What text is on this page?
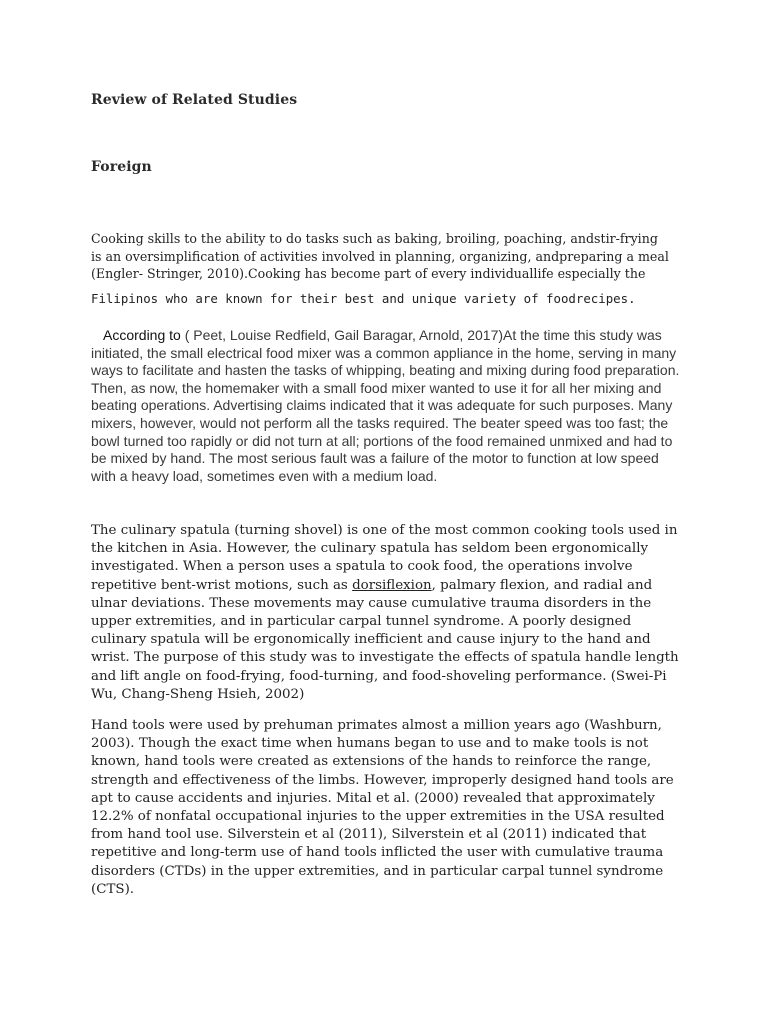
Review of Related Studies
Foreign

Cooking skills to the ability to do tasks such as baking, broiling, poaching, andstir-frying is an oversimplification of activities involved in planning, organizing, andpreparing a meal (Engler- Stringer, 2010).Cooking has become part of every individuallife especially the
Filipinos who are known for their best and unique variety of foodrecipes.

According to ( Peet, Louise Redfield, Gail Baragar, Arnold, 2017)At the time this study was initiated, the small electrical food mixer was a common appliance in the home, serving in many ways to facilitate and hasten the tasks of whipping, beating and mixing during food preparation. Then, as now, the homemaker with a small food mixer wanted to use it for all her mixing and beating operations. Advertising claims indicated that it was adequate for such purposes. Many mixers, however, would not perform all the tasks required. The beater speed was too fast; the bowl turned too rapidly or did not turn at all; portions of the food remained unmixed and had to be mixed by hand. The most serious fault was a failure of the motor to function at low speed with a heavy load, sometimes even with a medium load.

The culinary spatula (turning shovel) is one of the most common cooking tools used in the kitchen in Asia. However, the culinary spatula has seldom been ergonomically investigated. When a person uses a spatula to cook food, the operations involve repetitive bent-wrist motions, such as dorsiflexion, palmary flexion, and radial and ulnar deviations. These movements may cause cumulative trauma disorders in the upper extremities, and in particular carpal tunnel syndrome. A poorly designed culinary spatula will be ergonomically inefficient and cause injury to the hand and wrist. The purpose of this study was to investigate the effects of spatula handle length and lift angle on food-frying, food-turning, and food-shoveling performance. (Swei-Pi Wu, Chang-Sheng Hsieh, 2002)

Hand tools were used by prehuman primates almost a million years ago (Washburn, 2003). Though the exact time when humans began to use and to make tools is not known, hand tools were created as extensions of the hands to reinforce the range, strength and effectiveness of the limbs. However, improperly designed hand tools are apt to cause accidents and injuries. Mital et al. (2000) revealed that approximately 12.2% of nonfatal occupational injuries to the upper extremities in the USA resulted from hand tool use. Silverstein et al (2011), Silverstein et al (2011) indicated that repetitive and long-term use of hand tools inflicted the user with cumulative trauma disorders (CTDs) in the upper extremities, and in particular carpal tunnel syndrome (CTS).
